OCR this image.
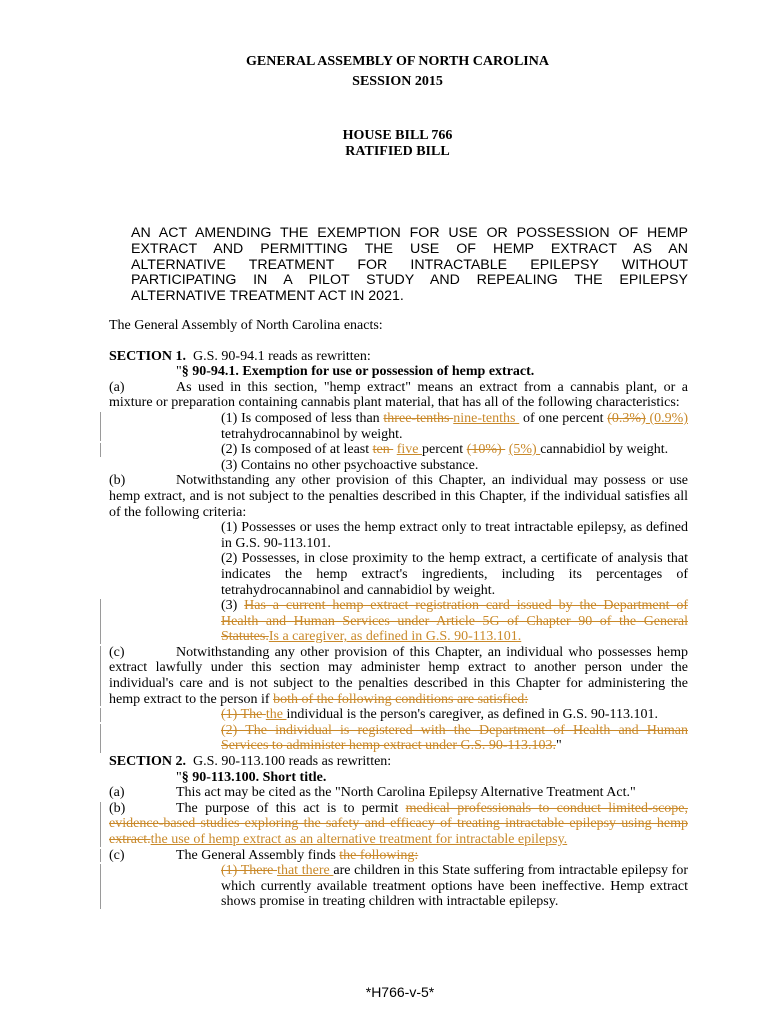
GENERAL ASSEMBLY OF NORTH CAROLINA
SESSION 2015
HOUSE BILL 766
RATIFIED BILL
AN ACT AMENDING THE EXEMPTION FOR USE OR POSSESSION OF HEMP
EXTRACT AND PERMITTING THE USE OF HEMP EXTRACT AS AN
ALTERNATIVE TREATMENT FOR INTRACTABLE EPILEPSY WITHOUT
PARTICIPATING IN A PILOT STUDY AND REPEALING THE EPILEPSY
ALTERNATIVE TREATMENT ACT IN 2021.

The General Assembly of North Carolina enacts:

SECTION 1. G.S. 90-94.1 reads as rewritten:

"§ 90-94.1. Exemption for use or possession of hemp extract.

(a)	As used in this section, "hemp extract" means an extract from a cannabis plant, or a mixture or preparation containing cannabis plant material, that has all of the following characteristics:

(1) Is composed of less than three-tenths nine-tenths  of one percent (0.3%) (0.9%) tetrahydrocannabinol by weight.

(2) Is composed of at least ten  five percent (10%)  (5%) cannabidiol by weight.

(3) Contains no other psychoactive substance.

(b)	Notwithstanding any other provision of this Chapter, an individual may possess or use hemp extract, and is not subject to the penalties described in this Chapter, if the individual satisfies all of the following criteria:

(1) Possesses or uses the hemp extract only to treat intractable epilepsy, as defined in G.S. 90-113.101.

(2) Possesses, in close proximity to the hemp extract, a certificate of analysis that indicates the hemp extract's ingredients, including its percentages of tetrahydrocannabinol and cannabidiol by weight.

(3) Has a current hemp extract registration card issued by the Department of Health and Human Services under Article 5G of Chapter 90 of the General Statutes.Is a caregiver, as defined in G.S. 90-113.101.

(c)	Notwithstanding any other provision of this Chapter, an individual who possesses hemp extract lawfully under this section may administer hemp extract to another person under the individual's care and is not subject to the penalties described in this Chapter for administering the hemp extract to the person if both of the following conditions are satisfied:

(1) The the individual is the person's caregiver, as defined in G.S. 90-113.101.

(2) The individual is registered with the Department of Health and Human Services to administer hemp extract under G.S. 90-113.103."

SECTION 2. G.S. 90-113.100 reads as rewritten:

"§ 90-113.100. Short title.

(a)	This act may be cited as the "North Carolina Epilepsy Alternative Treatment Act."

(b)	The purpose of this act is to permit medical professionals to conduct limited-scope, evidence-based studies exploring the safety and efficacy of treating intractable epilepsy using hemp extract.the use of hemp extract as an alternative treatment for intractable epilepsy.

(c)	The General Assembly finds the following:

(1) There that there are children in this State suffering from intractable epilepsy for which currently available treatment options have been ineffective. Hemp extract shows promise in treating children with intractable epilepsy.

*H766-v-5*
